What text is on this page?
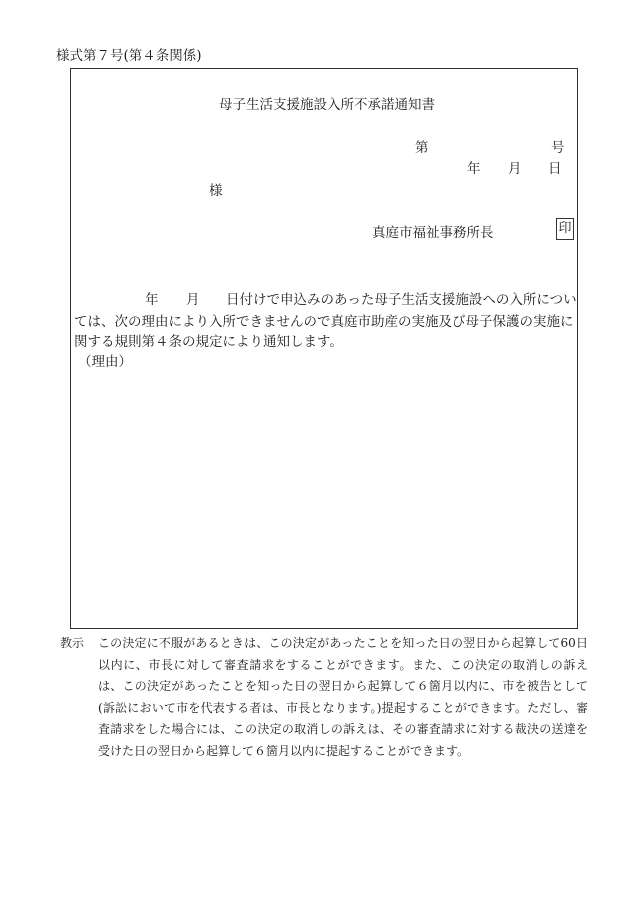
様式第７号(第４条関係)
母子生活支援施設入所不承諾通知書
第	号
年 月 日
様
真庭市福祉事務所長	印
年 月 日付けで申込みのあった母子生活支援施設への入所につい
ては、次の理由により入所できませんので真庭市助産の実施及び母子保護の実施に
関する規則第４条の規定により通知します。
（理由）
教示	この決定に不服があるときは、この決定があったことを知った日の翌日から起算して60日以内に、市長に対して審査請求をすることができます。また、この決定の取消しの訴えは、この決定があったことを知った日の翌日から起算して６箇月以内に、市を被告として(訴訟において市を代表する者は、市長となります。)提起することができます。ただし、審査請求をした場合には、この決定の取消しの訴えは、その審査請求に対する裁決の送達を受けた日の翌日から起算して６箇月以内に提起することができます。
